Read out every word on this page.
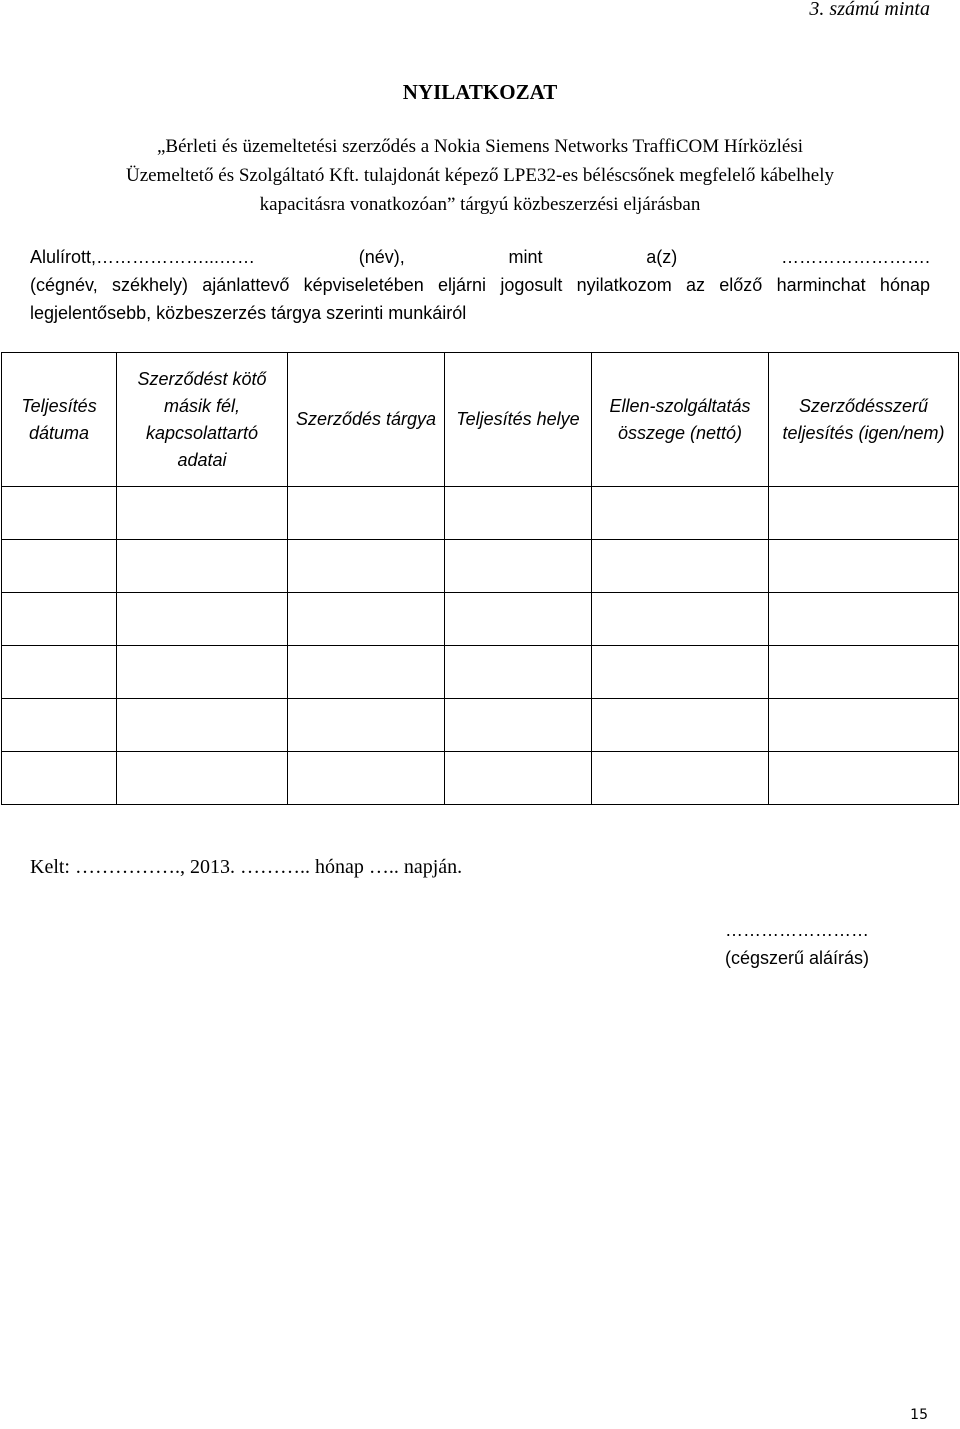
3. számú minta
NYILATKOZAT
„Bérleti és üzemeltetési szerződés a Nokia Siemens Networks TraffiCOM Hírközlési
Üzemeltető és Szolgáltató Kft. tulajdonát képező LPE32-es béléscsőnek megfelelő kábelhely
kapacitásra vonatkozóan” tárgyú közbeszerzési eljárásban
Alulírott,………………...……	(név),	mint	a(z)	…………………….
(cégnév, székhely) ajánlattevő képviseletében eljárni jogosult nyilatkozom az előző harminchat hónap legjelentősebb, közbeszerzés tárgya szerinti munkáiról
Teljesítés dátuma	Szerződést kötő másik fél, kapcsolattartó adatai	Szerződés tárgya	Teljesítés helye	Ellen-szolgáltatás összege (nettó)	Szerződésszerű teljesítés (igen/nem)

Kelt: ……………., 2013. ……….. hónap ….. napján.
……………………
(cégszerű aláírás)
15
